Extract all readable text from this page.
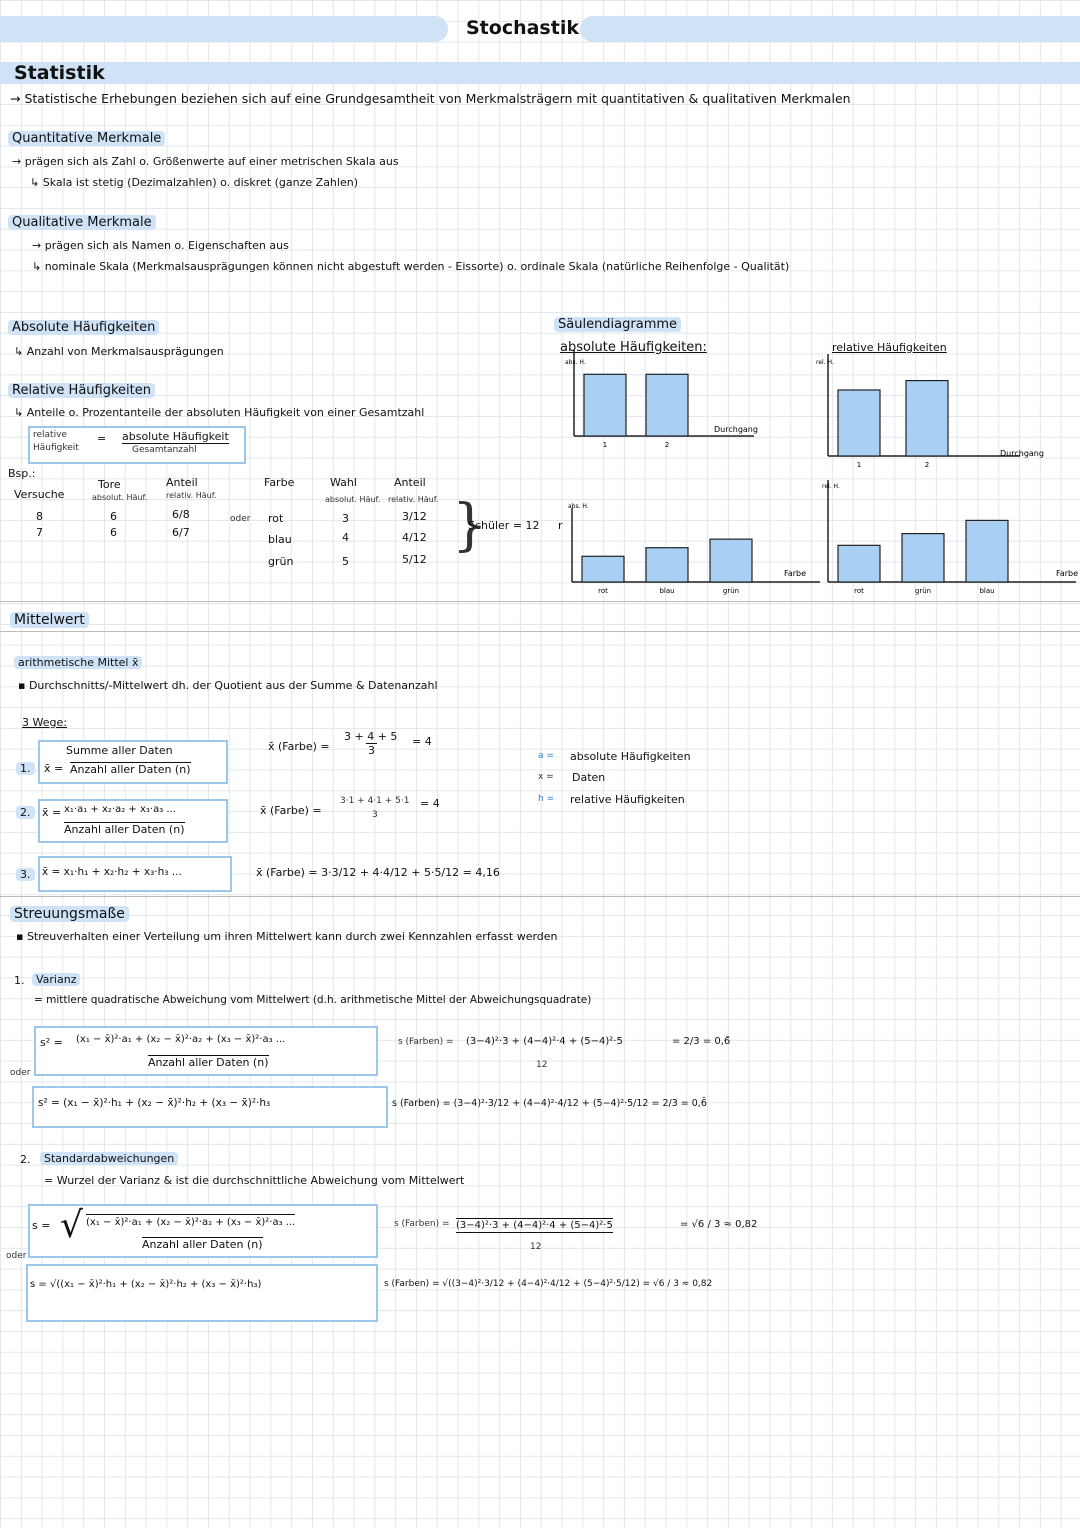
Stochastik
Statistik
→ Statistische Erhebungen beziehen sich auf eine Grundgesamtheit von Merkmalsträgern mit quantitativen & qualitativen Merkmalen
Quantitative Merkmale
→ prägen sich als Zahl o. Größenwerte auf einer metrischen Skala aus
↳ Skala ist stetig (Dezimalzahlen) o. diskret (ganze Zahlen)
Qualitative Merkmale
→ prägen sich als Namen o. Eigenschaften aus
↳ nominale Skala (Merkmalsausprägungen können nicht abgestuft werden - Eissorte) o. ordinale Skala (natürliche Reihenfolge - Qualität)
Absolute Häufigkeiten
↳ Anzahl von Merkmalsausprägungen
Relative Häufigkeiten
↳ Anteile o. Prozentanteile der absoluten Häufigkeit von einer Gesamtzahl
relative
Häufigkeit
= absolute Häufigkeit
Gesamtanzahl
Bsp.:
Versuche
Tore
absolut. Häuf.
Anteil
relativ. Häuf.
8	6	6/8
7	6	6/7
oder
Farbe	Wahl
absolut. Häuf.
Anteil
relativ. Häuf.
rot	3	3/12
blau	4	4/12
grün	5	5/12
}
Schüler = 12 r
Säulendiagramme
absolute Häufigkeiten:	relative Häufigkeiten
1	2
Durchgang
abs. H.
1	2
Durchgang
rel. H.
rot	blau	grün
Farbe
abs. H.
rot	grün	blau
Farbe
rel. H.
Mittelwert
arithmetische Mittel x̄
▪ Durchschnitts/-Mittelwert dh. der Quotient aus der Summe & Datenanzahl
3 Wege:
1.
Summe aller Daten
x̄ = Anzahl aller Daten (n)
2.	x̄ = x₁·a₁ + x₂·a₂ + x₃·a₃ ...
Anzahl aller Daten (n)
3.	x̄ = x₁·h₁ + x₂·h₂ + x₃·h₃ ...
x̄ (Farbe) =
3 + 4 + 5
3
= 4
x̄ (Farbe) =
3·1 + 4·1 + 5·1
3
= 4
x̄ (Farbe) = 3·3/12 + 4·4/12 + 5·5/12 = 4,16
a = absolute Häufigkeiten
x = Daten
h = relative Häufigkeiten
Streuungsmaße
▪ Streuverhalten einer Verteilung um ihren Mittelwert kann durch zwei Kennzahlen erfasst werden
1.	Varianz
= mittlere quadratische Abweichung vom Mittelwert (d.h. arithmetische Mittel der Abweichungsquadrate)
s² = (x₁ − x̄)²·a₁ + (x₂ − x̄)²·a₂ + (x₃ − x̄)²·a₃ ...
Anzahl aller Daten (n)
s (Farben) = (3−4)²·3 + (4−4)²·4 + (5−4)²·5
12
= 2/3 = 0,6̄
oder
s² = (x₁ − x̄)²·h₁ + (x₂ − x̄)²·h₂ + (x₃ − x̄)²·h₃	s (Farben) = (3−4)²·3/12 + (4−4)²·4/12 + (5−4)²·5/12 = 2/3 = 0,6̄
2.	Standardabweichungen
= Wurzel der Varianz & ist die durchschnittliche Abweichung vom Mittelwert
s = √ (x₁ − x̄)²·a₁ + (x₂ − x̄)²·a₂ + (x₃ − x̄)²·a₃ ...
Anzahl aller Daten (n)
s (Farben) = (3−4)²·3 + (4−4)²·4 + (5−4)²·5
12
= √6 / 3 ≈ 0,82
oder
s = √((x₁ − x̄)²·h₁ + (x₂ − x̄)²·h₂ + (x₃ − x̄)²·h₃)	s (Farben) = √((3−4)²·3/12 + (4−4)²·4/12 + (5−4)²·5/12) = √6 / 3 ≈ 0,82
